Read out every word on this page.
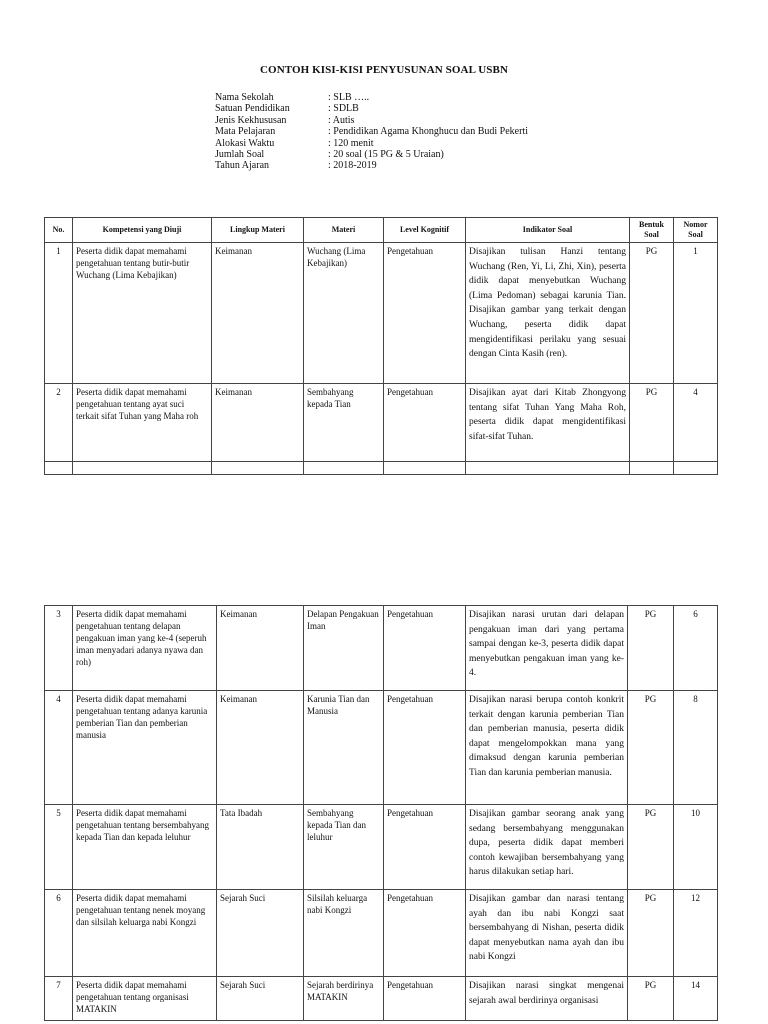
CONTOH KISI-KISI PENYUSUNAN SOAL USBN
Nama Sekolah	: SLB …..
Satuan Pendidikan	: SDLB
Jenis Kekhususan	: Autis
Mata Pelajaran	: Pendidikan Agama Khonghucu dan Budi Pekerti
Alokasi Waktu	: 120 menit
Jumlah Soal	: 20 soal (15 PG & 5 Uraian)
Tahun Ajaran	: 2018-2019
No.	Kompetensi yang Diuji	Lingkup Materi	Materi	Level Kognitif	Indikator Soal	Bentuk Soal	Nomor Soal
1	Peserta didik dapat memahami pengetahuan tentang butir-butir Wuchang (Lima Kebajikan)	Keimanan	Wuchang (Lima Kebajikan)	Pengetahuan	Disajikan tulisan Hanzi tentang Wuchang (Ren, Yi, Li, Zhi, Xin), peserta didik dapat menyebutkan Wuchang (Lima Pedoman) sebagai karunia Tian. Disajikan gambar yang terkait dengan Wuchang, peserta didik dapat mengidentifikasi perilaku yang sesuai dengan Cinta Kasih (ren).	PG	1
2	Peserta didik dapat memahami pengetahuan tentang ayat suci terkait sifat Tuhan yang Maha roh	Keimanan	Sembahyang kepada Tian	Pengetahuan	Disajikan ayat dari Kitab Zhongyong tentang sifat Tuhan Yang Maha Roh, peserta didik dapat mengidentifikasi sifat-sifat Tuhan.	PG	4

3	Peserta didik dapat memahami pengetahuan tentang delapan pengakuan iman yang ke-4 (seperuh iman menyadari adanya nyawa dan roh)	Keimanan	Delapan Pengakuan Iman	Pengetahuan	Disajikan narasi urutan dari delapan pengakuan iman dari yang pertama sampai dengan ke-3, peserta didik dapat menyebutkan pengakuan iman yang ke-4.	PG	6
4	Peserta didik dapat memahami pengetahuan tentang adanya karunia pemberian Tian dan pemberian manusia	Keimanan	Karunia Tian dan Manusia	Pengetahuan	Disajikan narasi berupa contoh konkrit terkait dengan karunia pemberian Tian dan pemberian manusia, peserta didik dapat mengelompokkan mana yang dimaksud dengan karunia pemberian Tian dan karunia pemberian manusia.	PG	8
5	Peserta didik dapat memahami pengetahuan tentang bersembahyang kepada Tian dan kepada leluhur	Tata Ibadah	Sembahyang kepada Tian dan leluhur	Pengetahuan	Disajikan gambar seorang anak yang sedang bersembahyang menggunakan dupa, peserta didik dapat memberi contoh kewajiban bersembahyang yang harus dilakukan setiap hari.	PG	10
6	Peserta didik dapat memahami pengetahuan tentang nenek moyang dan silsilah keluarga nabi Kongzi	Sejarah Suci	Silsilah keluarga nabi Kongzi	Pengetahuan	Disajikan gambar dan narasi tentang ayah dan ibu nabi Kongzi saat bersembahyang di Nishan, peserta didik dapat menyebutkan nama ayah dan ibu nabi Kongzi	PG	12
7	Peserta didik dapat memahami pengetahuan tentang organisasi MATAKIN	Sejarah Suci	Sejarah berdirinya MATAKIN	Pengetahuan	Disajikan narasi singkat mengenai sejarah awal berdirinya organisasi	PG	14
